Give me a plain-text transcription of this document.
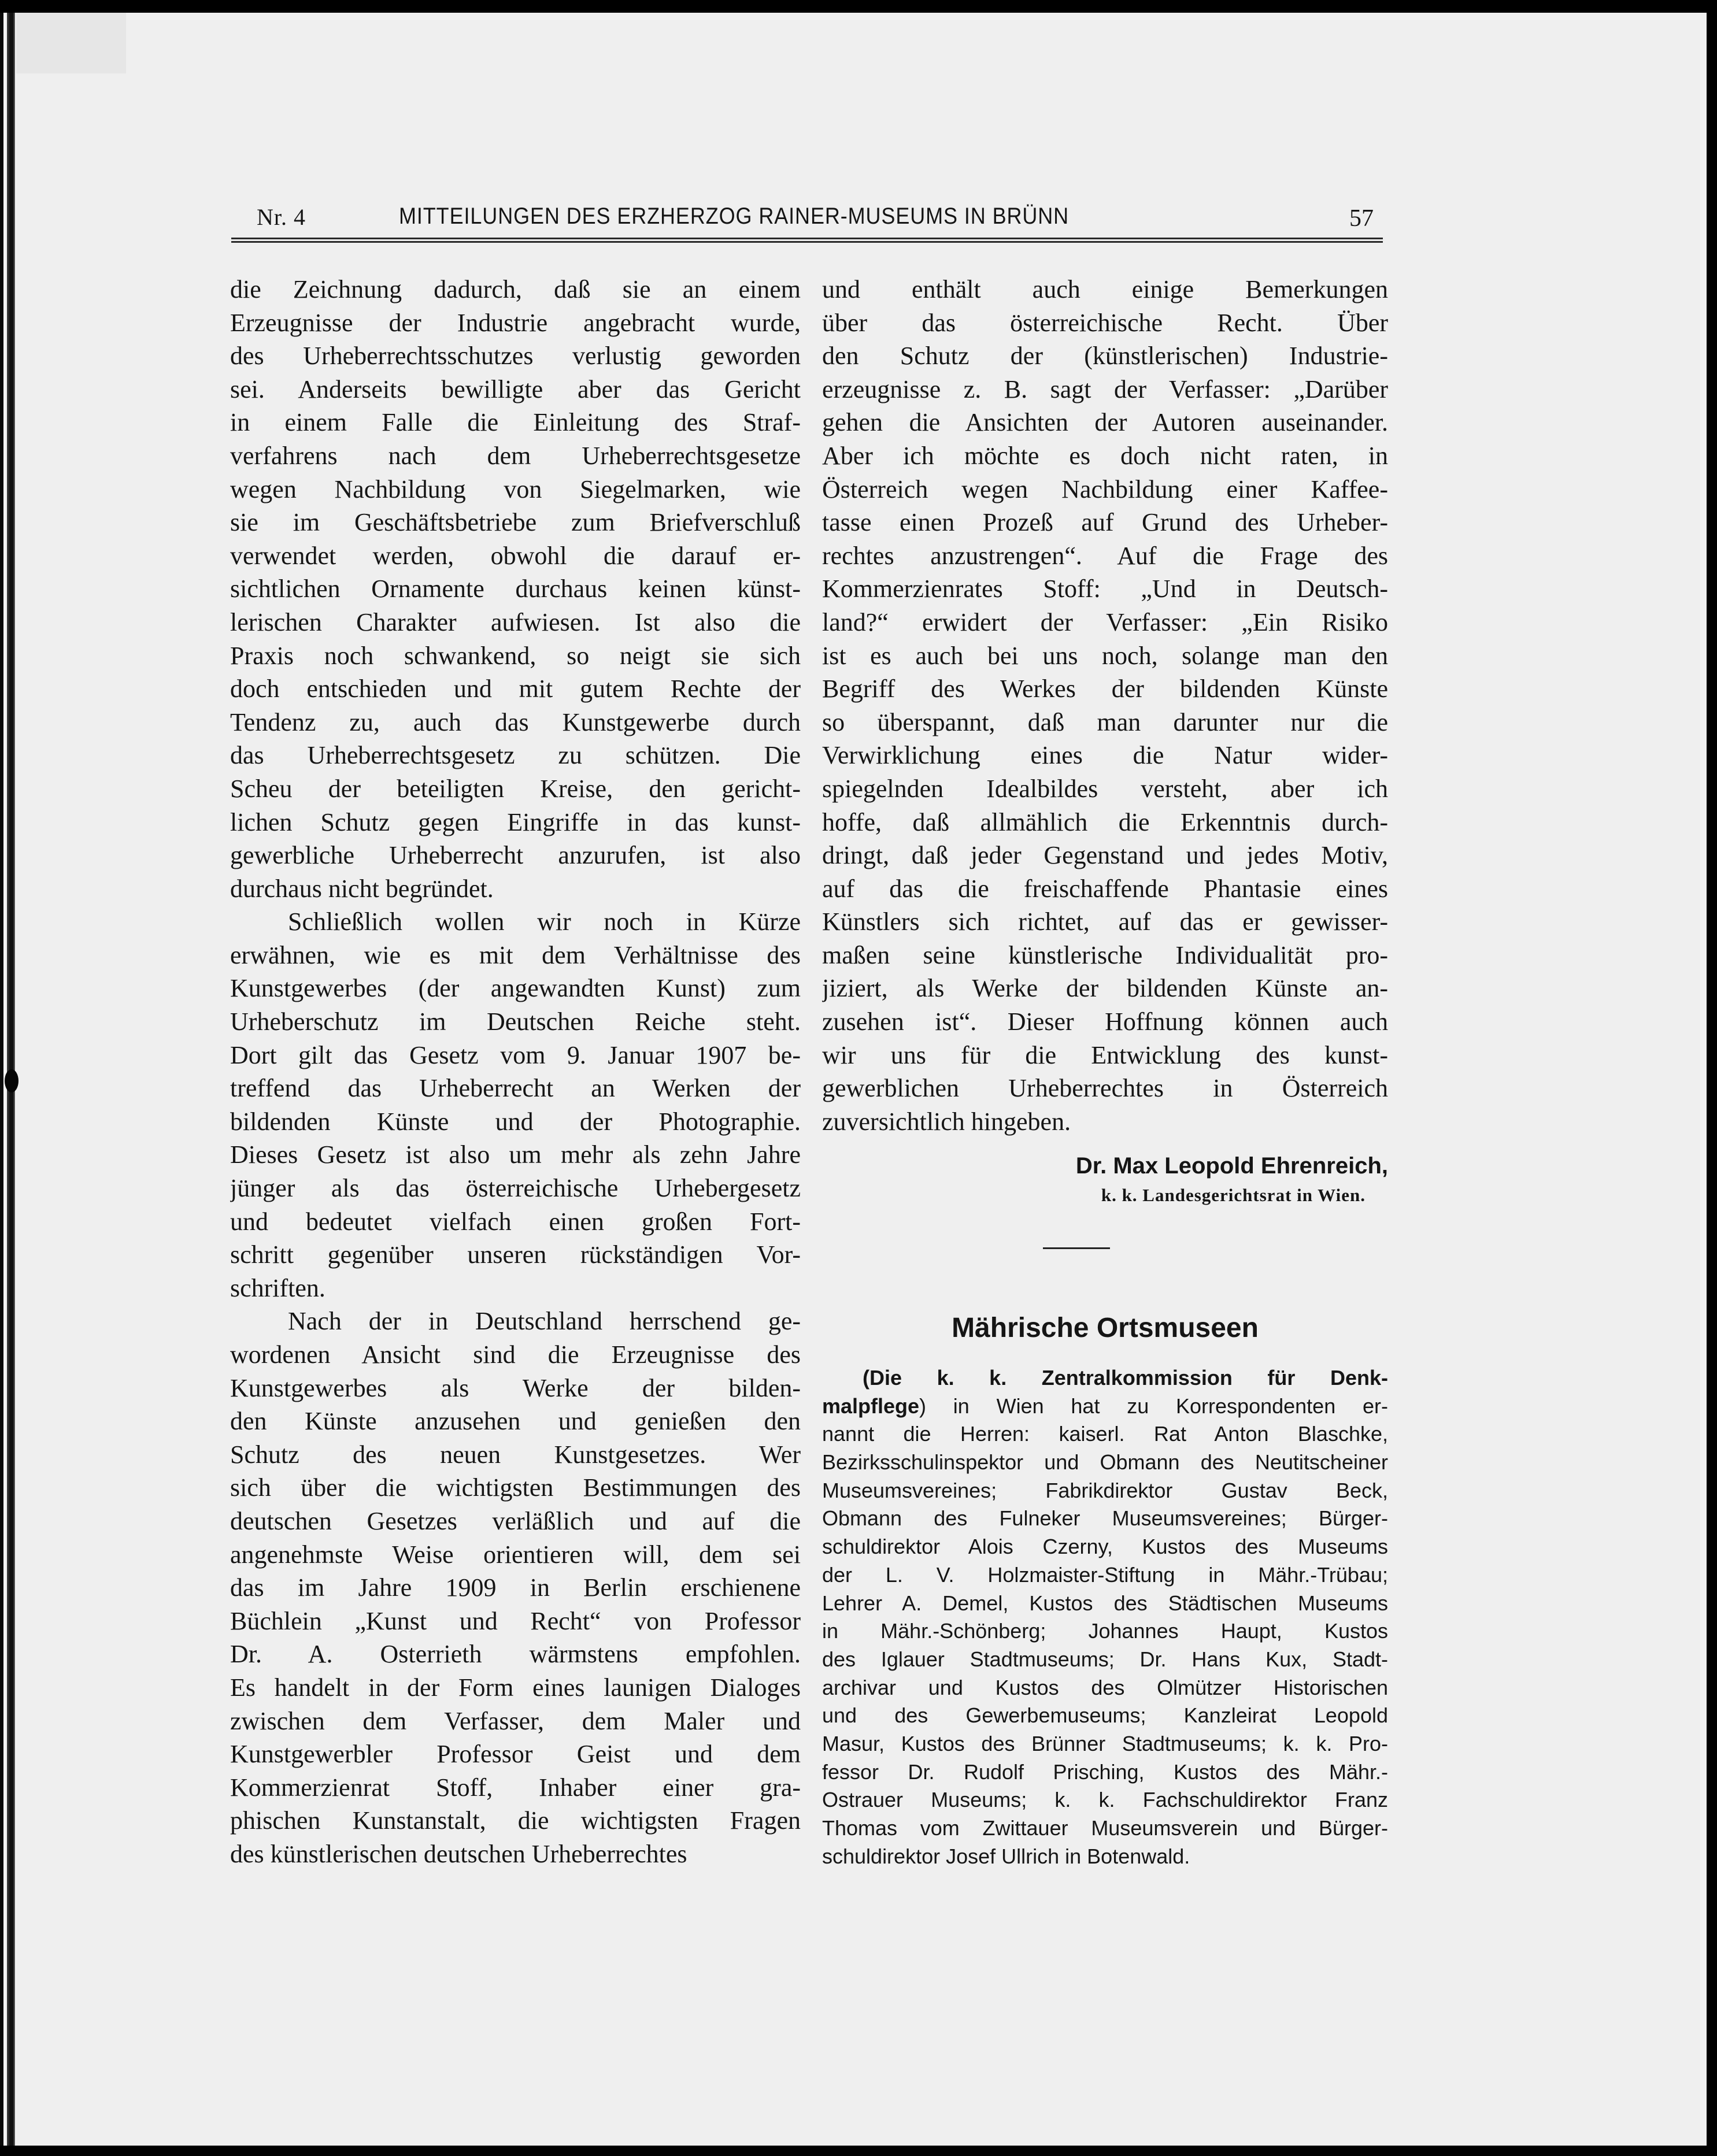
Nr. 4	MITTEILUNGEN DES ERZHERZOG RAINER-MUSEUMS IN BRÜNN	57
die Zeichnung dadurch, daß sie an einem
Erzeugnisse der Industrie angebracht wurde,
des Urheberrechtsschutzes verlustig geworden
sei. Anderseits bewilligte aber das Gericht
in einem Falle die Einleitung des Straf-
verfahrens nach dem Urheberrechtsgesetze
wegen Nachbildung von Siegelmarken, wie
sie im Geschäftsbetriebe zum Briefverschluß
verwendet werden, obwohl die darauf er-
sichtlichen Ornamente durchaus keinen künst-
lerischen Charakter aufwiesen. Ist also die
Praxis noch schwankend, so neigt sie sich
doch entschieden und mit gutem Rechte der
Tendenz zu, auch das Kunstgewerbe durch
das Urheberrechtsgesetz zu schützen. Die
Scheu der beteiligten Kreise, den gericht-
lichen Schutz gegen Eingriffe in das kunst-
gewerbliche Urheberrecht anzurufen, ist also
durchaus nicht begründet.
Schließlich wollen wir noch in Kürze
erwähnen, wie es mit dem Verhältnisse des
Kunstgewerbes (der angewandten Kunst) zum
Urheberschutz im Deutschen Reiche steht.
Dort gilt das Gesetz vom 9. Januar 1907 be-
treffend das Urheberrecht an Werken der
bildenden Künste und der Photographie.
Dieses Gesetz ist also um mehr als zehn Jahre
jünger als das österreichische Urhebergesetz
und bedeutet vielfach einen großen Fort-
schritt gegenüber unseren rückständigen Vor-
schriften.
Nach der in Deutschland herrschend ge-
wordenen Ansicht sind die Erzeugnisse des
Kunstgewerbes als Werke der bilden-
den Künste anzusehen und genießen den
Schutz des neuen Kunstgesetzes. Wer
sich über die wichtigsten Bestimmungen des
deutschen Gesetzes verläßlich und auf die
angenehmste Weise orientieren will, dem sei
das im Jahre 1909 in Berlin erschienene
Büchlein „Kunst und Recht“ von Professor
Dr. A. Osterrieth wärmstens empfohlen.
Es handelt in der Form eines launigen Dialoges
zwischen dem Verfasser, dem Maler und
Kunstgewerbler Professor Geist und dem
Kommerzienrat Stoff, Inhaber einer gra-
phischen Kunstanstalt, die wichtigsten Fragen
des künstlerischen deutschen Urheberrechtes
und enthält auch einige Bemerkungen
über das österreichische Recht. Über
den Schutz der (künstlerischen) Industrie-
erzeugnisse z. B. sagt der Verfasser: „Darüber
gehen die Ansichten der Autoren auseinander.
Aber ich möchte es doch nicht raten, in
Österreich wegen Nachbildung einer Kaffee-
tasse einen Prozeß auf Grund des Urheber-
rechtes anzustrengen“. Auf die Frage des
Kommerzienrates Stoff: „Und in Deutsch-
land?“ erwidert der Verfasser: „Ein Risiko
ist es auch bei uns noch, solange man den
Begriff des Werkes der bildenden Künste
so überspannt, daß man darunter nur die
Verwirklichung eines die Natur wider-
spiegelnden Idealbildes versteht, aber ich
hoffe, daß allmählich die Erkenntnis durch-
dringt, daß jeder Gegenstand und jedes Motiv,
auf das die freischaffende Phantasie eines
Künstlers sich richtet, auf das er gewisser-
maßen seine künstlerische Individualität pro-
jiziert, als Werke der bildenden Künste an-
zusehen ist“. Dieser Hoffnung können auch
wir uns für die Entwicklung des kunst-
gewerblichen Urheberrechtes in Österreich
zuversichtlich hingeben.
Dr. Max Leopold Ehrenreich,
k. k. Landesgerichtsrat in Wien.
Mährische Ortsmuseen
(Die k. k. Zentralkommission für Denk-
malpflege) in Wien hat zu Korrespondenten er-
nannt die Herren: kaiserl. Rat Anton Blaschke,
Bezirksschulinspektor und Obmann des Neutitscheiner
Museumsvereines; Fabrikdirektor Gustav Beck,
Obmann des Fulneker Museumsvereines; Bürger-
schuldirektor Alois Czerny, Kustos des Museums
der L. V. Holzmaister-Stiftung in Mähr.-Trübau;
Lehrer A. Demel, Kustos des Städtischen Museums
in Mähr.-Schönberg; Johannes Haupt, Kustos
des Iglauer Stadtmuseums; Dr. Hans Kux, Stadt-
archivar und Kustos des Olmützer Historischen
und des Gewerbemuseums; Kanzleirat Leopold
Masur, Kustos des Brünner Stadtmuseums; k. k. Pro-
fessor Dr. Rudolf Prisching, Kustos des Mähr.-
Ostrauer Museums; k. k. Fachschuldirektor Franz
Thomas vom Zwittauer Museumsverein und Bürger-
schuldirektor Josef Ullrich in Botenwald.
